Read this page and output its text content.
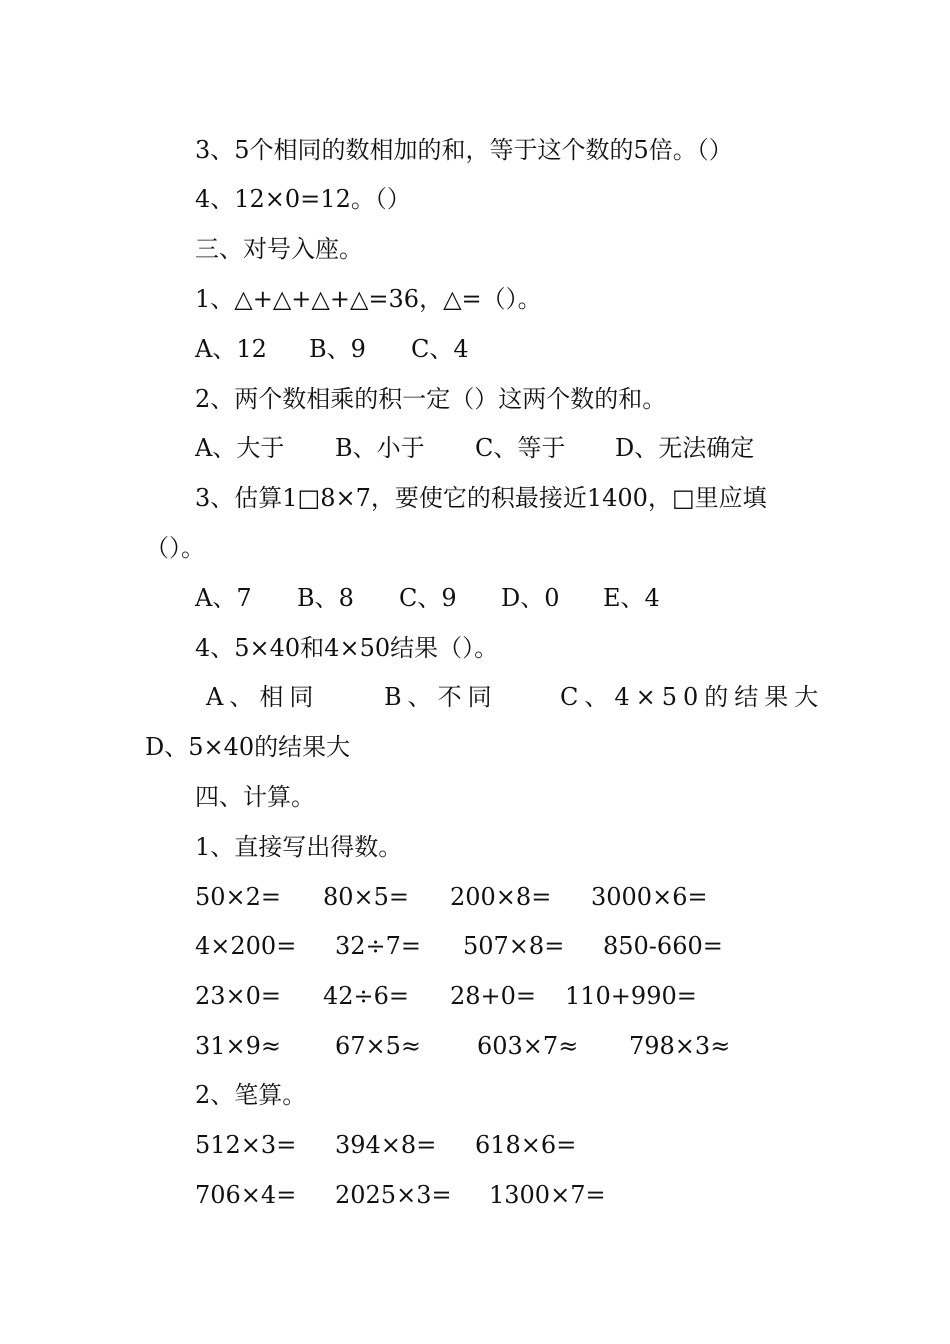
3、5个相同的数相加的和，等于这个数的5倍。（）
4、12×0=12。（）
三、对号入座。
1、△+△+△+△=36，△=（）。

A、12

B、9

C、4

2、两个数相乘的积一定（）这两个数的和。

A、大于

B、小于

C、等于

D、无法确定

3、估算1□8×7，要使它的积最接近1400，□里应填
（）。

A、7

B、8

C、9

D、0

E、4

4、5×40和4×50结果（）。

A、相同

	B、不同

	C、4×50的结果大

D、5×40的结果大
四、计算。
1、直接写出得数。

50×2=

80×5=

200×8=

3000×6=

4×200=

32÷7=

507×8=

850-660=

23×0=

42÷6=

28+0=

110+990=

31×9≈

67×5≈

603×7≈

798×3≈

2、笔算。

512×3=

394×8=

618×6=

706×4=

2025×3=

1300×7=
